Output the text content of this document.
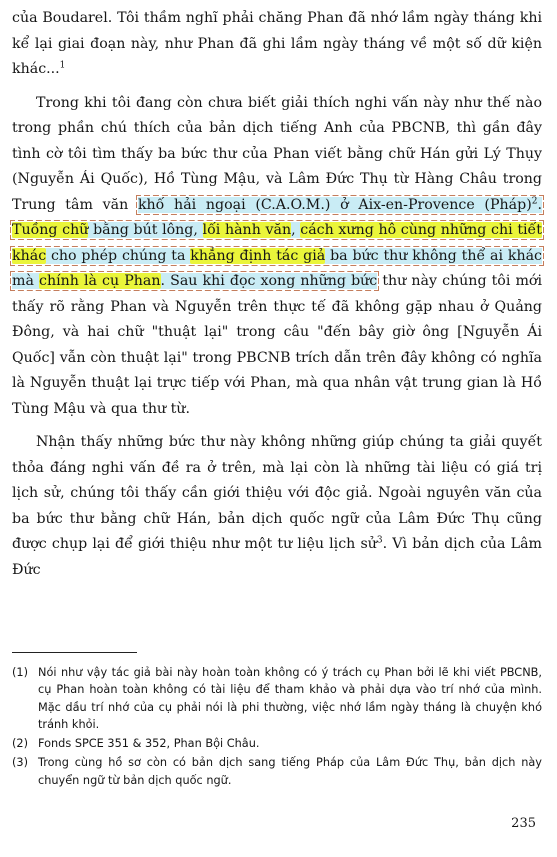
của Boudarel. Tôi thầm nghĩ phải chăng Phan đã nhớ lầm ngày tháng khi kể lại giai đoạn này, như Phan đã ghi lầm ngày tháng về một số dữ kiện khác...$^1$

Trong khi tôi đang còn chưa biết giải thích nghi vấn này như thế nào trong phần chú thích của bản dịch tiếng Anh của PBCNB, thì gần đây tình cờ tôi tìm thấy ba bức thư của Phan viết bằng chữ Hán gửi Lý Thụy (Nguyễn Ái Quốc), Hồ Tùng Mậu, và Lâm Đức Thụ từ Hàng Châu trong Trung tâm văn khố hải ngoại (C.A.O.M.) ở Aix-en-Provence (Pháp)$^2$. Tuồng chữ bằng bút lông, lối hành văn, cách xưng hô cùng những chi tiết khác cho phép chúng ta khẳng định tác giả ba bức thư không thể ai khác mà chính là cụ Phan. Sau khi đọc xong những bức thư này chúng tôi mới thấy rõ rằng Phan và Nguyễn trên thực tế đã không gặp nhau ở Quảng Đông, và hai chữ "thuật lại" trong câu "đến bây giờ ông [Nguyễn Ái Quốc] vẫn còn thuật lại" trong PBCNB trích dẫn trên đây không có nghĩa là Nguyễn thuật lại trực tiếp với Phan, mà qua nhân vật trung gian là Hồ Tùng Mậu và qua thư từ.

Nhận thấy những bức thư này không những giúp chúng ta giải quyết thỏa đáng nghi vấn đề ra ở trên, mà lại còn là những tài liệu có giá trị lịch sử, chúng tôi thấy cần giới thiệu với độc giả. Ngoài nguyên văn của ba bức thư bằng chữ Hán, bản dịch quốc ngữ của Lâm Đức Thụ cũng được chụp lại để giới thiệu như một tư liệu lịch sử$^3$. Vì bản dịch của Lâm Đức

(1) Nói như vậy tác giả bài này hoàn toàn không có ý trách cụ Phan bởi lẽ khi viết PBCNB, cụ Phan hoàn toàn không có tài liệu để tham khảo và phải dựa vào trí nhớ của mình. Mặc dầu trí nhớ của cụ phải nói là phi thường, việc nhớ lầm ngày tháng là chuyện khó tránh khỏi.
(2) Fonds SPCE 351 & 352, Phan Bội Châu.
(3) Trong cùng hồ sơ còn có bản dịch sang tiếng Pháp của Lâm Đức Thụ, bản dịch này chuyển ngữ từ bản dịch quốc ngữ.
235
